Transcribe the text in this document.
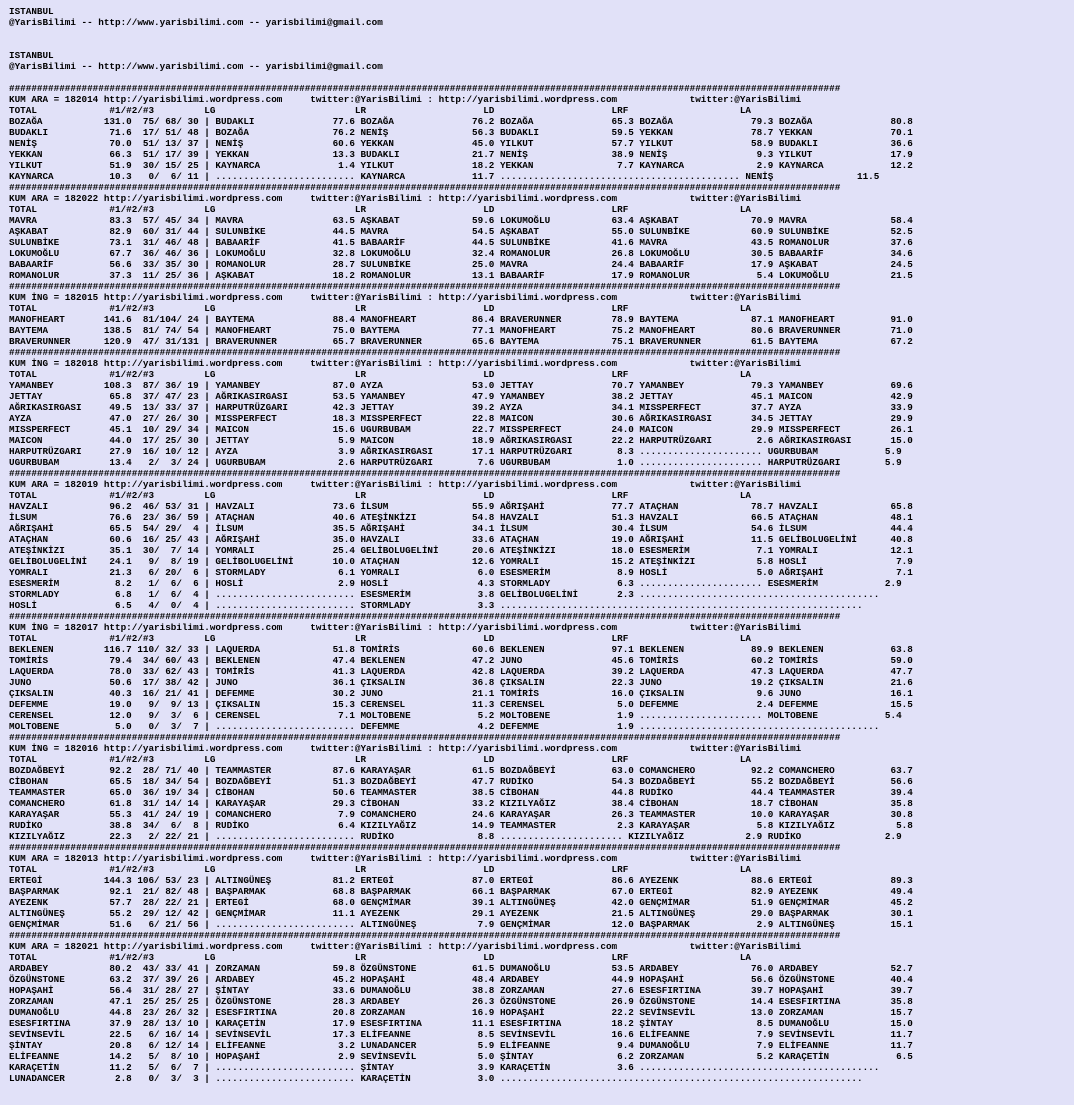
ISTANBUL
@YarisBilimi -- http://www.yarisbilimi.com -- yarisbilimi@gmail.com
ISTANBUL
@YarisBilimi -- http://www.yarisbilimi.com -- yarisbilimi@gmail.com
#####################################################################################################################################################
KUM ARA = 182014 http://yarisbilimi.wordpress.com     twitter:@YarisBilimi : http://yarisbilimi.wordpress.com             twitter:@YarisBilimi
TOTAL             #1/#2/#3         LG                         LR                     LD                     LRF                    LA
BOZAĞA           131.0  75/ 68/ 30 | BUDAKLI              77.6 BOZAĞA              76.2 BOZAĞA              65.3 BOZAĞA              79.3 BOZAĞA              80.8
BUDAKLI           71.6  17/ 51/ 48 | BOZAĞA               76.2 NENİŞ               56.3 BUDAKLI             59.5 YEKKAN              78.7 YEKKAN              70.1
NENİŞ             70.0  51/ 13/ 37 | NENİŞ                60.6 YEKKAN              45.0 YILKUT              57.7 YILKUT              58.9 BUDAKLI             36.6
YEKKAN            66.3  51/ 17/ 39 | YEKKAN               13.3 BUDAKLI             21.7 NENİŞ               38.9 NENİŞ                9.3 YILKUT              17.9
YILKUT            51.9  30/ 15/ 25 | KAYNARCA              1.4 YILKUT              18.2 YEKKAN               7.7 KAYNARCA             2.9 KAYNARCA            12.2
KAYNARCA          10.3   0/  6/ 11 | ......................... KAYNARCA            11.7 ........................................... NENİŞ               11.5
#####################################################################################################################################################
KUM ARA = 182022 http://yarisbilimi.wordpress.com     twitter:@YarisBilimi : http://yarisbilimi.wordpress.com             twitter:@YarisBilimi
TOTAL             #1/#2/#3         LG                         LR                     LD                     LRF                    LA
MAVRA             83.3  57/ 45/ 34 | MAVRA                63.5 AŞKABAT             59.6 LOKUMOĞLU           63.4 AŞKABAT             70.9 MAVRA               58.4
AŞKABAT           82.9  60/ 31/ 44 | SULUNBİKE            44.5 MAVRA               54.5 AŞKABAT             55.0 SULUNBİKE           60.9 SULUNBİKE           52.5
SULUNBİKE         73.1  31/ 46/ 48 | BABAARİF             41.5 BABAARİF            44.5 SULUNBİKE           41.6 MAVRA               43.5 ROMANOLUR           37.6
LOKUMOĞLU         67.7  36/ 46/ 36 | LOKUMOĞLU            32.8 LOKUMOĞLU           32.4 ROMANOLUR           26.8 LOKUMOĞLU           30.5 BABAARİF            34.6
BABAARİF          56.6  33/ 35/ 30 | ROMANOLUR            28.7 SULUNBİKE           25.0 MAVRA               24.4 BABAARİF            17.9 AŞKABAT             24.5
ROMANOLUR         37.3  11/ 25/ 36 | AŞKABAT              18.2 ROMANOLUR           13.1 BABAARİF            17.9 ROMANOLUR            5.4 LOKUMOĞLU           21.5
#####################################################################################################################################################
KUM İNG = 182015 http://yarisbilimi.wordpress.com     twitter:@YarisBilimi : http://yarisbilimi.wordpress.com             twitter:@YarisBilimi
TOTAL             #1/#2/#3         LG                         LR                     LD                     LRF                    LA
MANOFHEART       141.6  81/104/ 24 | BAYTEMA              88.4 MANOFHEART          86.4 BRAVERUNNER         78.9 BAYTEMA             87.1 MANOFHEART          91.0
BAYTEMA          138.5  81/ 74/ 54 | MANOFHEART           75.0 BAYTEMA             77.1 MANOFHEART          75.2 MANOFHEART          80.6 BRAVERUNNER         71.0
BRAVERUNNER      120.9  47/ 31/131 | BRAVERUNNER          65.7 BRAVERUNNER         65.6 BAYTEMA             75.1 BRAVERUNNER         61.5 BAYTEMA             67.2
#####################################################################################################################################################
KUM İNG = 182018 http://yarisbilimi.wordpress.com     twitter:@YarisBilimi : http://yarisbilimi.wordpress.com             twitter:@YarisBilimi
TOTAL             #1/#2/#3         LG                         LR                     LD                     LRF                    LA
YAMANBEY         108.3  87/ 36/ 19 | YAMANBEY             87.0 AYZA                53.0 JETTAY              70.7 YAMANBEY            79.3 YAMANBEY            69.6
JETTAY            65.8  37/ 47/ 23 | AĞRIKASIRGASI        53.5 YAMANBEY            47.9 YAMANBEY            38.2 JETTAY              45.1 MAICON              42.9
AĞRIKASIRGASI     49.5  13/ 33/ 37 | HARPUTRÜZGARI        42.3 JETTAY              39.2 AYZA                34.1 MISSPERFECT         37.7 AYZA                33.9
AYZA              47.0  27/ 26/ 30 | MISSPERFECT          18.3 MISSPERFECT         22.8 MAICON              30.6 AĞRIKASIRGASI       34.5 JETTAY              29.9
MISSPERFECT       45.1  10/ 29/ 34 | MAICON               15.6 UGURBUBAM           22.7 MISSPERFECT         24.0 MAICON              29.9 MISSPERFECT         26.1
MAICON            44.0  17/ 25/ 30 | JETTAY                5.9 MAICON              18.9 AĞRIKASIRGASI       22.2 HARPUTRÜZGARI        2.6 AĞRIKASIRGASI       15.0
HARPUTRÜZGARI     27.9  16/ 10/ 12 | AYZA                  3.9 AĞRIKASIRGASI       17.1 HARPUTRÜZGARI        8.3 ...................... UGURBUBAM            5.9
UGURBUBAM         13.4   2/  3/ 24 | UGURBUBAM             2.6 HARPUTRÜZGARI        7.6 UGURBUBAM            1.0 ...................... HARPUTRÜZGARI        5.9
#####################################################################################################################################################
KUM ARA = 182019 http://yarisbilimi.wordpress.com     twitter:@YarisBilimi : http://yarisbilimi.wordpress.com             twitter:@YarisBilimi
TOTAL             #1/#2/#3         LG                         LR                     LD                     LRF                    LA
HAVZALI           96.2  46/ 53/ 31 | HAVZALI              73.6 İLSUM               55.9 AĞRIŞAHİ            77.7 ATAÇHAN             78.7 HAVZALI             65.8
İLSUM             76.6  23/ 36/ 59 | ATAÇHAN              40.6 ATEŞİNKİZI          54.8 HAVZALI             51.3 HAVZALI             66.5 ATAÇHAN             48.1
AĞRIŞAHİ          65.5  54/ 29/  4 | İLSUM                35.5 AĞRIŞAHİ            34.1 İLSUM               30.4 İLSUM               54.6 İLSUM               44.4
ATAÇHAN           60.6  16/ 25/ 43 | AĞRIŞAHİ             35.0 HAVZALI             33.6 ATAÇHAN             19.0 AĞRIŞAHİ            11.5 GELİBOLUGELİNİ      40.8
ATEŞİNKİZI        35.1  30/  7/ 14 | YOMRALI              25.4 GELİBOLUGELİNİ      20.6 ATEŞİNKİZI          18.0 ESESMERİM            7.1 YOMRALI             12.1
GELİBOLUGELİNİ    24.1   9/  8/ 19 | GELİBOLUGELİNİ       10.0 ATAÇHAN             12.6 YOMRALI             15.2 ATEŞİNKİZI           5.8 HOSLİ                7.9
YOMRALI           21.3   6/ 20/  6 | STORMLADY             6.1 YOMRALI              6.0 ESESMERİM            8.9 HOSLİ                5.0 AĞRIŞAHİ             7.1
ESESMERİM          8.2   1/  6/  6 | HOSLİ                 2.9 HOSLİ                4.3 STORMLADY            6.3 ...................... ESESMERİM            2.9
STORMLADY          6.8   1/  6/  4 | ......................... ESESMERİM            3.8 GELİBOLUGELİNİ       2.3 ...........................................
HOSLİ              6.5   4/  0/  4 | ......................... STORMLADY            3.3 .................................................................
#####################################################################################################################################################
KUM İNG = 182017 http://yarisbilimi.wordpress.com     twitter:@YarisBilimi : http://yarisbilimi.wordpress.com             twitter:@YarisBilimi
TOTAL             #1/#2/#3         LG                         LR                     LD                     LRF                    LA
BEKLENEN         116.7 110/ 32/ 33 | LAQUERDA             51.8 TOMİRİS             60.6 BEKLENEN            97.1 BEKLENEN            89.9 BEKLENEN            63.8
TOMİRİS           79.4  34/ 60/ 43 | BEKLENEN             47.4 BEKLENEN            47.2 JUNO                45.6 TOMİRİS             60.2 TOMİRİS             59.0
LAQUERDA          78.0  33/ 62/ 43 | TOMİRİS              41.3 LAQUERDA            42.8 LAQUERDA            39.2 LAQUERDA            47.3 LAQUERDA            47.7
JUNO              50.6  17/ 38/ 42 | JUNO                 36.1 ÇIKSALIN            36.8 ÇIKSALIN            22.3 JUNO                19.2 ÇIKSALIN            21.6
ÇIKSALIN          40.3  16/ 21/ 41 | DEFEMME              30.2 JUNO                21.1 TOMİRİS             16.0 ÇIKSALIN             9.6 JUNO                16.1
DEFEMME           19.0   9/  9/ 13 | ÇIKSALIN             15.3 CERENSEL            11.3 CERENSEL             5.0 DEFEMME              2.4 DEFEMME             15.5
CERENSEL          12.0   9/  3/  6 | CERENSEL              7.1 MOLTOBENE            5.2 MOLTOBENE            1.9 ...................... MOLTOBENE            5.4
MOLTOBENE          5.0   0/  3/  7 | ......................... DEFEMME              4.2 DEFEMME              1.9 ...........................................
#####################################################################################################################################################
KUM İNG = 182016 http://yarisbilimi.wordpress.com     twitter:@YarisBilimi : http://yarisbilimi.wordpress.com             twitter:@YarisBilimi
TOTAL             #1/#2/#3         LG                         LR                     LD                     LRF                    LA
BOZDAĞBEYİ        92.2  28/ 71/ 40 | TEAMMASTER           87.6 KARAYAŞAR           61.5 BOZDAĞBEYİ          63.0 COMANCHERO          92.2 COMANCHERO          63.7
CİBOHAN           65.5  18/ 34/ 54 | BOZDAĞBEYİ           51.3 BOZDAĞBEYİ          47.7 RUDİKO              54.3 BOZDAĞBEYİ          55.2 BOZDAĞBEYİ          56.6
TEAMMASTER        65.0  36/ 19/ 34 | CİBOHAN              50.6 TEAMMASTER          38.5 CİBOHAN             44.8 RUDİKO              44.4 TEAMMASTER          39.4
COMANCHERO        61.8  31/ 14/ 14 | KARAYAŞAR            29.3 CİBOHAN             33.2 KIZILYAĞIZ          38.4 CİBOHAN             18.7 CİBOHAN             35.8
KARAYAŞAR         55.3  41/ 24/ 19 | COMANCHERO            7.9 COMANCHERO          24.6 KARAYAŞAR           26.3 TEAMMASTER          10.0 KARAYAŞAR           30.8
RUDİKO            38.8  34/  6/  8 | RUDİKO                6.4 KIZILYAĞIZ          14.9 TEAMMASTER           2.3 KARAYAŞAR            5.8 KIZILYAĞIZ           5.8
KIZILYAĞIZ        22.3   2/ 22/ 21 | ......................... RUDİKO               8.8 ...................... KIZILYAĞIZ           2.9 RUDİKO               2.9
#####################################################################################################################################################
KUM ARA = 182013 http://yarisbilimi.wordpress.com     twitter:@YarisBilimi : http://yarisbilimi.wordpress.com             twitter:@YarisBilimi
TOTAL             #1/#2/#3         LG                         LR                     LD                     LRF                    LA
ERTEGİ           144.3 106/ 53/ 23 | ALTINGÜNEŞ           81.2 ERTEGİ              87.0 ERTEGİ              86.6 AYEZENK             88.6 ERTEGİ              89.3
BAŞPARMAK         92.1  21/ 82/ 48 | BAŞPARMAK            68.8 BAŞPARMAK           66.1 BAŞPARMAK           67.0 ERTEGİ              82.9 AYEZENK             49.4
AYEZENK           57.7  28/ 22/ 21 | ERTEGİ               68.0 GENÇMİMAR           39.1 ALTINGÜNEŞ          42.0 GENÇMİMAR           51.9 GENÇMİMAR           45.2
ALTINGÜNEŞ        55.2  29/ 12/ 42 | GENÇMİMAR            11.1 AYEZENK             29.1 AYEZENK             21.5 ALTINGÜNEŞ          29.0 BAŞPARMAK           30.1
GENÇMİMAR         51.6   6/ 21/ 56 | ......................... ALTINGÜNEŞ           7.9 GENÇMİMAR           12.0 BAŞPARMAK            2.9 ALTINGÜNEŞ          15.1
#####################################################################################################################################################
KUM ARA = 182021 http://yarisbilimi.wordpress.com     twitter:@YarisBilimi : http://yarisbilimi.wordpress.com             twitter:@YarisBilimi
TOTAL             #1/#2/#3         LG                         LR                     LD                     LRF                    LA
ARDABEY           80.2  43/ 33/ 41 | ZORZAMAN             59.8 ÖZGÜNSTONE          61.5 DUMANOĞLU           53.5 ARDABEY             76.0 ARDABEY             52.7
ÖZGÜNSTONE        63.2  37/ 39/ 26 | ARDABEY              45.2 HOPAŞAHİ            48.4 ARDABEY             44.9 HOPAŞAHİ            56.6 ÖZGÜNSTONE          40.4
HOPAŞAHİ          56.4  31/ 28/ 27 | ŞİNTAY               33.6 DUMANOĞLU           38.8 ZORZAMAN            27.6 ESESFIRTINA         39.7 HOPAŞAHİ            39.7
ZORZAMAN          47.1  25/ 25/ 25 | ÖZGÜNSTONE           28.3 ARDABEY             26.3 ÖZGÜNSTONE          26.9 ÖZGÜNSTONE          14.4 ESESFIRTINA         35.8
DUMANOĞLU         44.8  23/ 26/ 32 | ESESFIRTINA          20.8 ZORZAMAN            16.9 HOPAŞAHİ            22.2 SEVİNSEVİL          13.0 ZORZAMAN            15.7
ESESFIRTINA       37.9  28/ 13/ 10 | KARAÇETİN            17.9 ESESFIRTINA         11.1 ESESFIRTINA         18.2 ŞİNTAY               8.5 DUMANOĞLU           15.0
SEVİNSEVİL        22.5   6/ 16/ 14 | SEVİNSEVİL           17.3 ELİFEANNE            8.5 SEVİNSEVİL          16.6 ELİFEANNE            7.9 SEVİNSEVİL          11.7
ŞİNTAY            20.8   6/ 12/ 14 | ELİFEANNE             3.2 LUNADANCER           5.9 ELİFEANNE            9.4 DUMANOĞLU            7.9 ELİFEANNE           11.7
ELİFEANNE         14.2   5/  8/ 10 | HOPAŞAHİ              2.9 SEVİNSEVİL           5.0 ŞİNTAY               6.2 ZORZAMAN             5.2 KARAÇETİN            6.5
KARAÇETİN         11.2   5/  6/  7 | ......................... ŞİNTAY               3.9 KARAÇETİN            3.6 ...........................................
LUNADANCER         2.8   0/  3/  3 | ......................... KARAÇETİN            3.0 .................................................................
